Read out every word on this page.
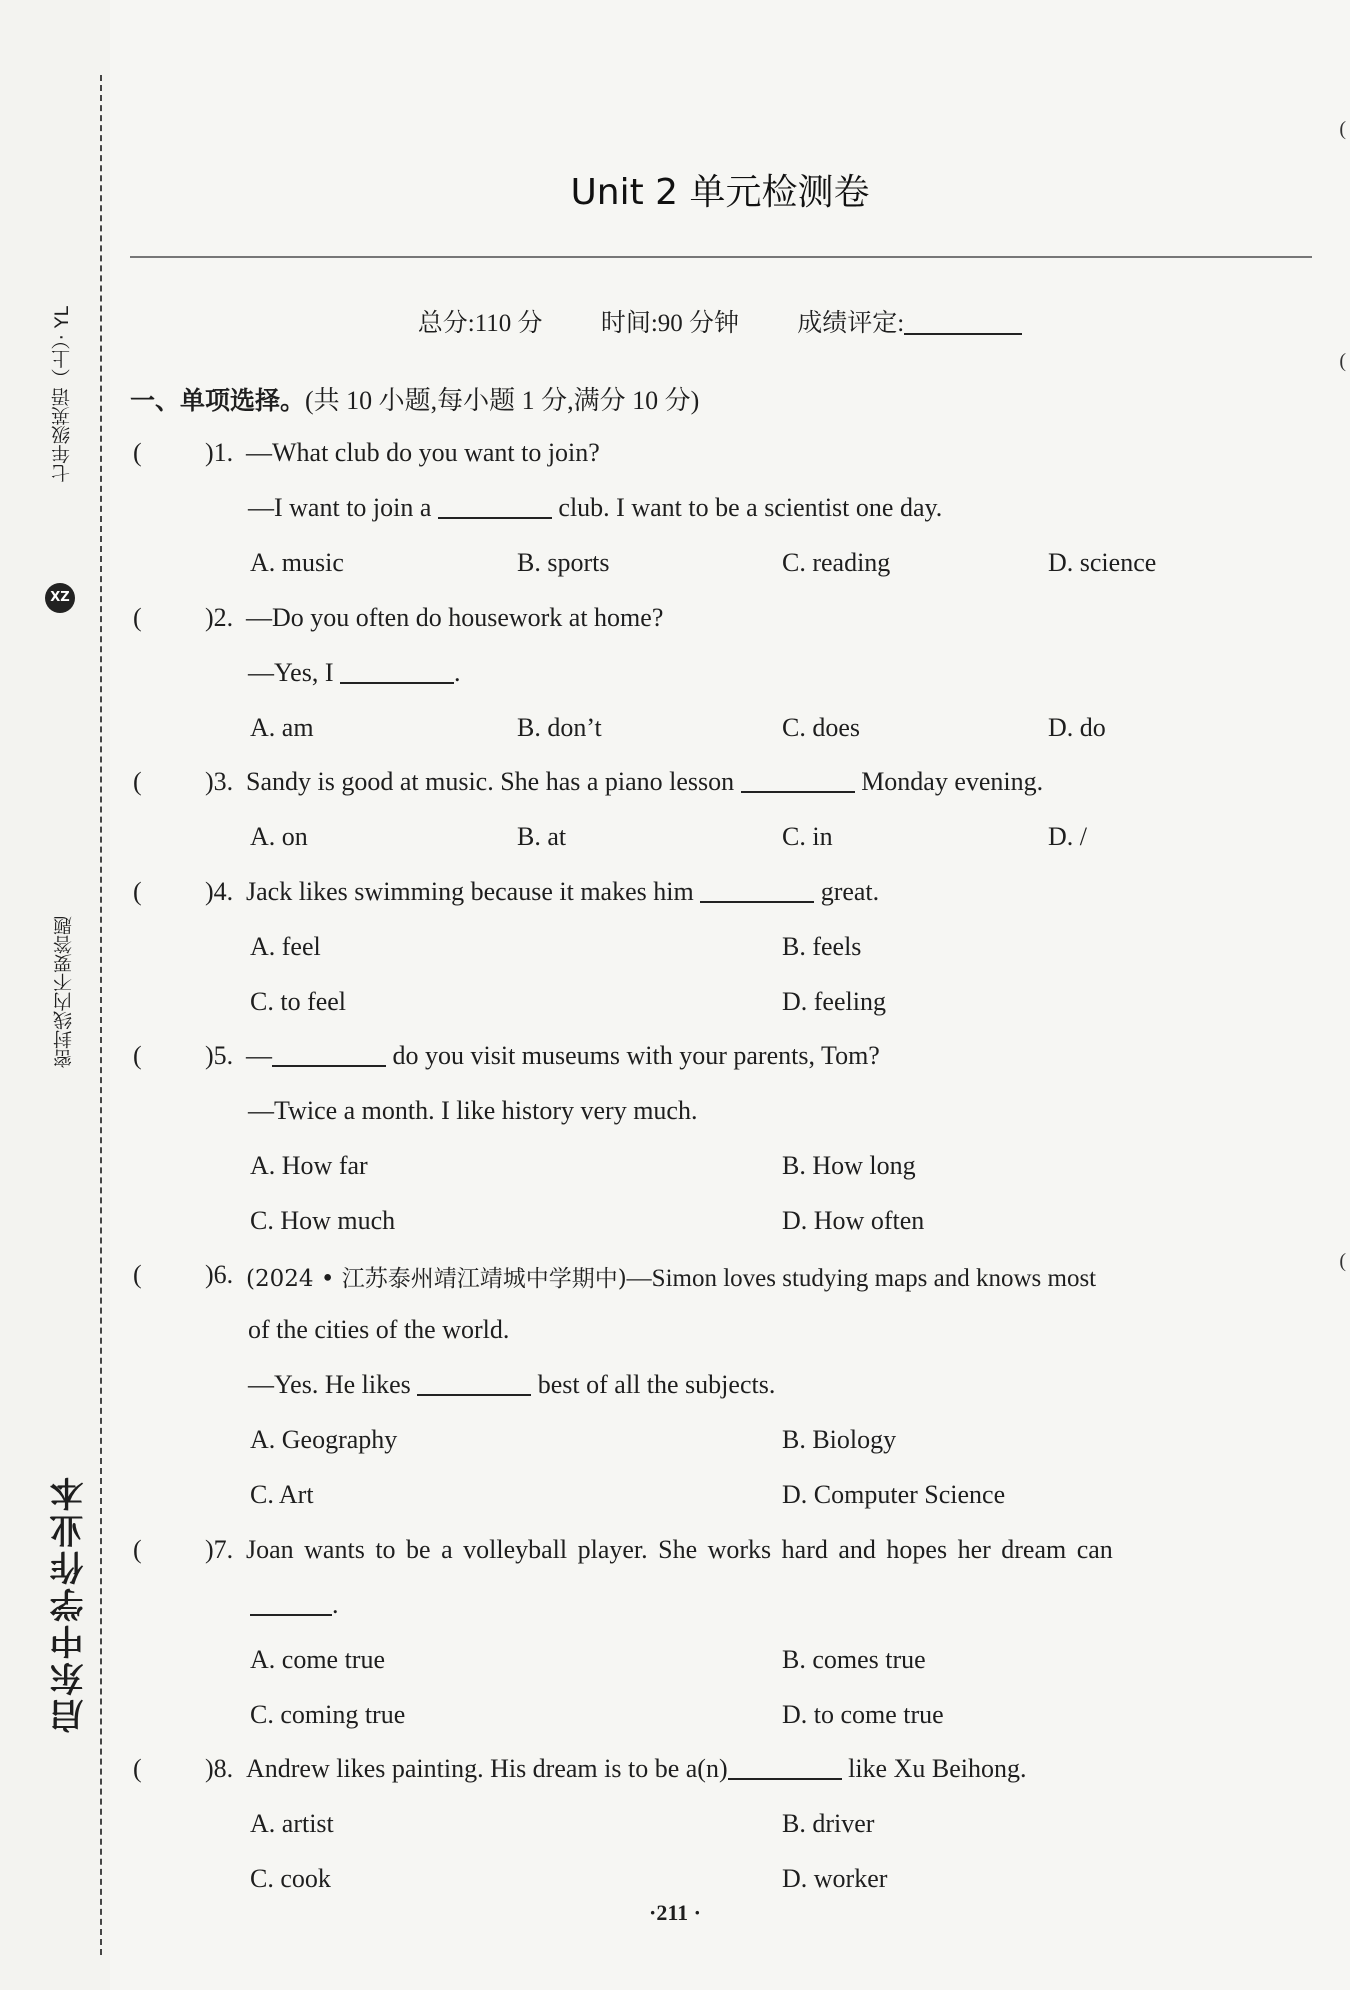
七年级英语（上）· YL
XZ
密封线内不要答题
启东中学作业本
(
(
(
Unit 2 单元检测卷
总分:110 分 时间:90 分钟 成绩评定:
一、单项选择。(共 10 小题,每小题 1 分,满分 10 分)
( )1. —What club do you want to join?
—I want to join a	club. I want to be a scientist one day.
A. music	B. sports	C. reading	D. science
( )2. —Do you often do housework at home?
—Yes, I	.
A. am	B. don’t	C. does	D. do
( )3. Sandy is good at music. She has a piano lesson	Monday evening.
A. on	B. at	C. in	D. /
( )4. Jack likes swimming because it makes him	great.
A. feel	B. feels
C. to feel	D. feeling
( )5. —	do you visit museums with your parents, Tom?
—Twice a month. I like history very much.
A. How far	B. How long
C. How much	D. How often
( )6. (2024 • 江苏泰州靖江靖城中学期中)—Simon loves studying maps and knows most
of the cities of the world.
—Yes. He likes	best of all the subjects.
A. Geography	B. Biology
C. Art	D. Computer Science
( )7. Joan wants to be a volleyball player. She works hard and hopes her dream can
.
A. come true	B. comes true
C. coming true	D. to come true
( )8. Andrew likes painting. His dream is to be a(n)	like Xu Beihong.
A. artist	B. driver
C. cook	D. worker
·211 ·
